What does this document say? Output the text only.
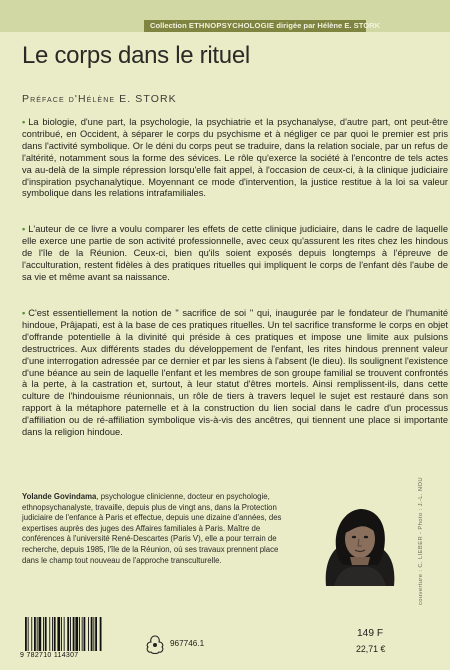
Collection ETHNOPSYCHOLOGIE dirigée par Hélène E. STORK
Le corps dans le rituel
Préface d'Hélène E. STORK
• La biologie, d'une part, la psychologie, la psychiatrie et la psychanalyse, d'autre part, ont peut-être contribué, en Occident, à séparer le corps du psychisme et à négliger ce par quoi le premier est pris dans l'activité symbolique. Or le déni du corps peut se traduire, dans la relation sociale, par un refus de l'altérité, notamment sous la forme des sévices. Le rôle qu'exerce la société à l'encontre de tels actes va au-delà de la simple répression lorsqu'elle fait appel, à l'occasion de ceux-ci, à la clinique judiciaire d'inspiration psychanalytique. Moyennant ce mode d'intervention, la justice restitue à la loi sa valeur symbolique dans les relations intrafamiliales.
• L'auteur de ce livre a voulu comparer les effets de cette clinique judiciaire, dans le cadre de laquelle elle exerce une partie de son activité professionnelle, avec ceux qu'assurent les rites chez les hindous de l'île de la Réunion. Ceux-ci, bien qu'ils soient exposés depuis longtemps à l'épreuve de l'acculturation, restent fidèles à des pratiques rituelles qui impliquent le corps de l'enfant dès l'aube de sa vie et même avant sa naissance.
• C'est essentiellement la notion de " sacrifice de soi " qui, inaugurée par le fondateur de l'humanité hindoue, Prâjapati, est à la base de ces pratiques rituelles. Un tel sacrifice transforme le corps en objet d'offrande potentielle à la divinité qui préside à ces pratiques et impose une limite aux pulsions destructrices. Aux différents stades du développement de l'enfant, les rites hindous prennent valeur d'une interrogation adressée par ce dernier et par les siens à l'absent (le dieu). Ils soulignent l'existence d'une béance au sein de laquelle l'enfant et les membres de son groupe familial se trouvent confrontés à la perte, à la castration et, surtout, à leur statut d'êtres mortels. Ainsi remplissent-ils, dans cette culture de l'hindouisme réunionnais, un rôle de tiers à travers lequel le sujet est restauré dans son rapport à la métaphore paternelle et à la construction du lien social dans le cadre d'un processus d'affiliation ou de ré-affiliation symbolique vis-à-vis des ancêtres, qui tiennent une place si importante dans la religion hindoue.
Yolande Govindama, psychologue clinicienne, docteur en psychologie, ethnopsychanalyste, travaille, depuis plus de vingt ans, dans la Protection judiciaire de l'enfance à Paris et effectue, depuis une dizaine d'années, des expertises auprès des juges des Affaires familiales à Paris. Maître de conférences à l'université René-Descartes (Paris V), elle a pour terrain de recherche, depuis 1985, l'île de la Réunion, où ses travaux prennent place dans le champ tout nouveau de l'approche transculturelle.	couverture : C. LIEBER - Photo : J.-L. NOU
9 782710 114307
967746.1
149 F
22,71 €
